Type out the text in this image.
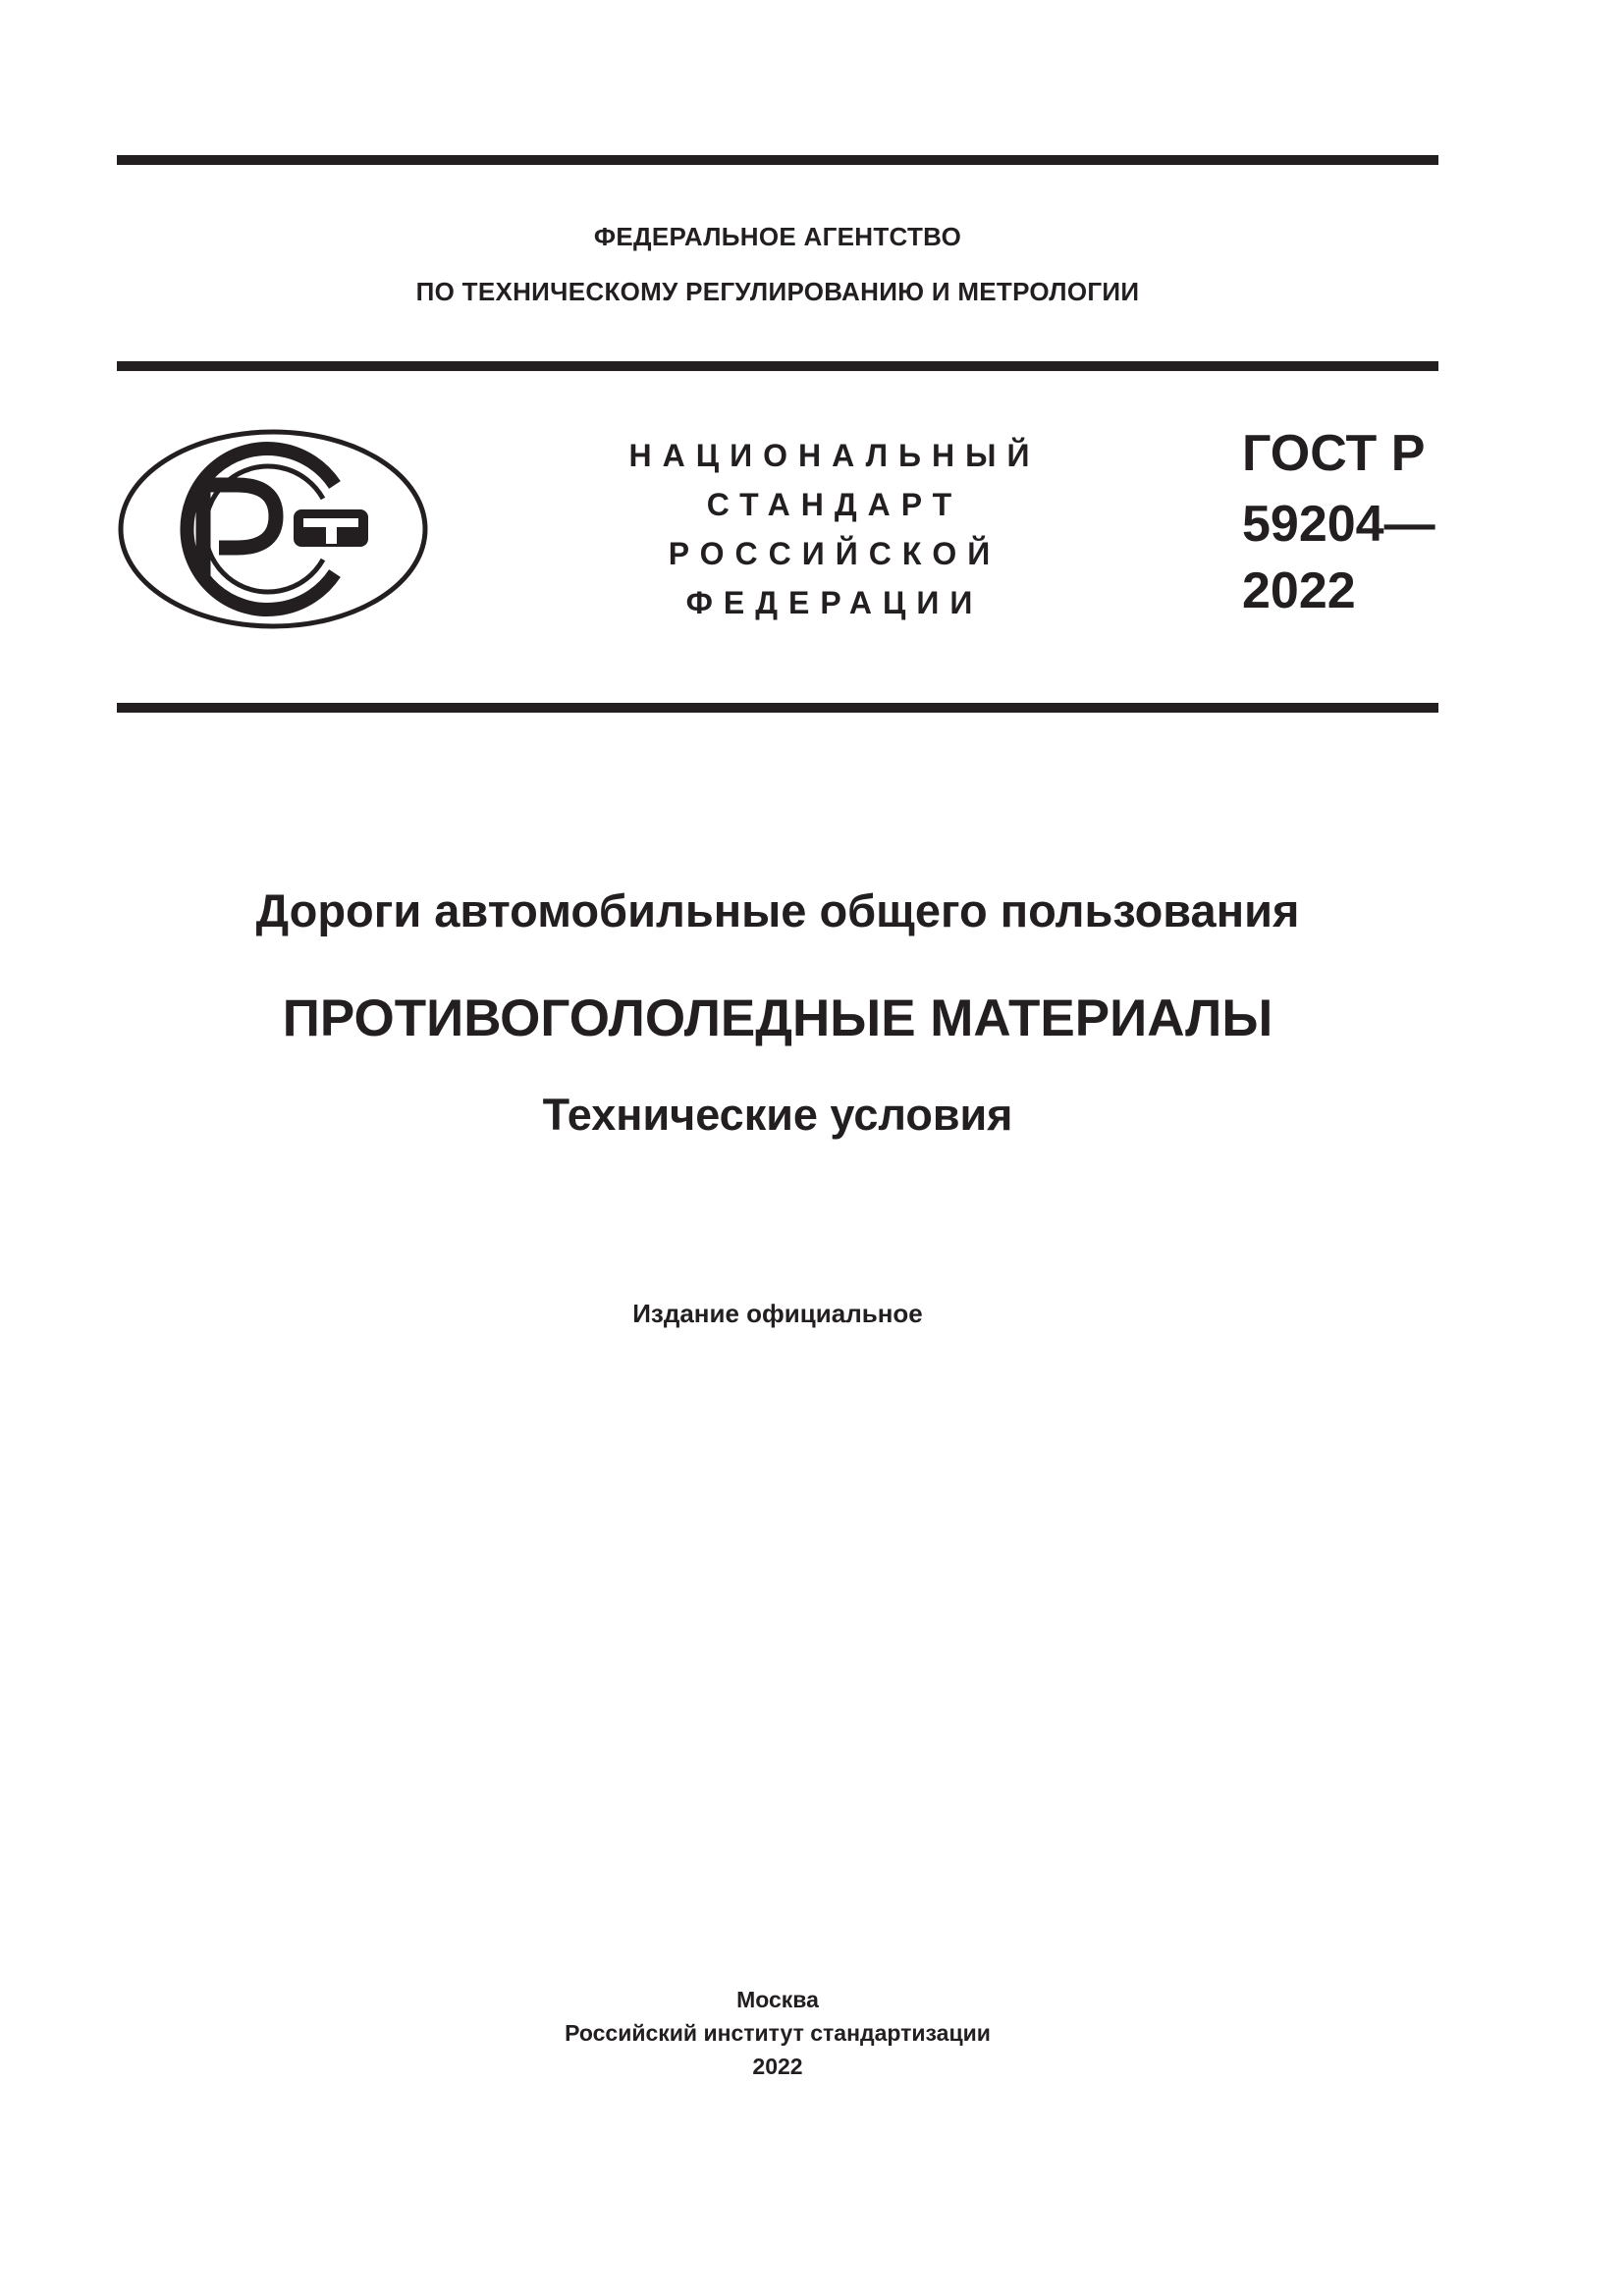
ФЕДЕРАЛЬНОЕ АГЕНТСТВО
ПО ТЕХНИЧЕСКОМУ РЕГУЛИРОВАНИЮ И МЕТРОЛОГИИ
НАЦИОНАЛЬНЫЙ
СТАНДАРТ
РОССИЙСКОЙ
ФЕДЕРАЦИИ
ГОСТ Р
59204—
2022
Дороги автомобильные общего пользования
ПРОТИВОГОЛОЛЕДНЫЕ МАТЕРИАЛЫ
Технические условия
Издание официальное
Москва
Российский институт стандартизации
2022
